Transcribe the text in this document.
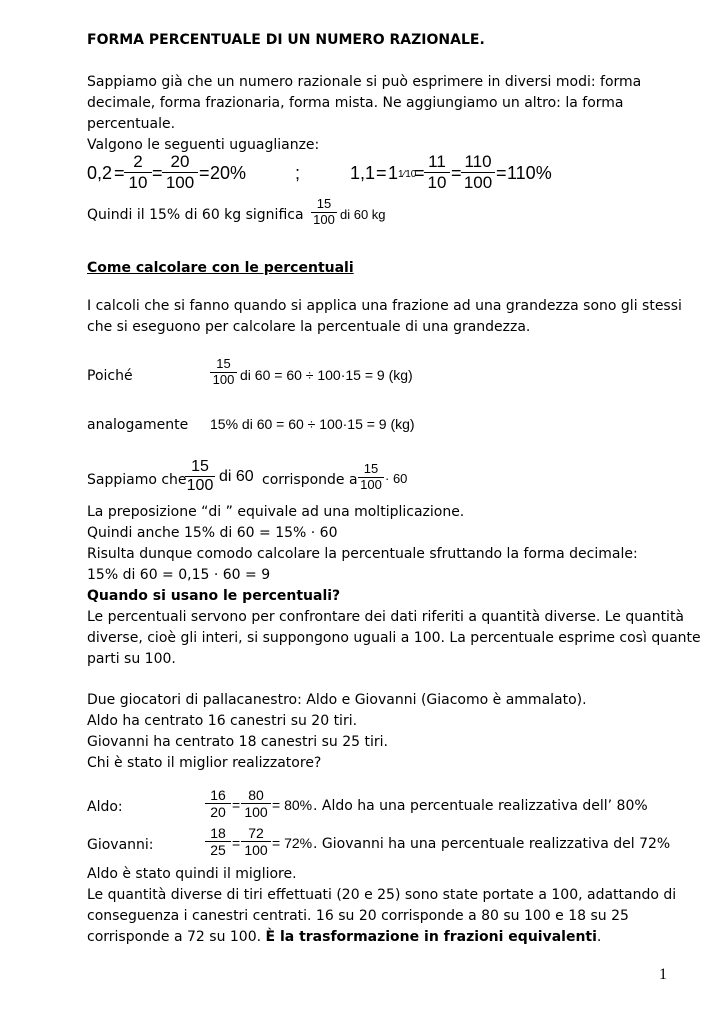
FORMA PERCENTUALE DI UN NUMERO RAZIONALE.
Sappiamo già che un numero razionale si può esprimere in diversi modi: forma
decimale, forma frazionaria, forma mista. Ne aggiungiamo un altro: la forma
percentuale.
Valgono le seguenti uguaglianze:
0,2 =
2
10 =
20
100 = 20%	;	1,1 = 1 1⁄10
=
11
10 =
110
100 = 110%
Quindi il 15% di 60 kg significa
15
100 di 60 kg
Come calcolare con le percentuali
I calcoli che si fanno quando si applica una frazione ad una grandezza sono gli stessi
che si eseguono per calcolare la percentuale di una grandezza.
Poiché
15
100 di 60 = 60 ÷ 100·15 = 9 (kg)
analogamente 15% di 60 = 60 ÷ 100·15 = 9 (kg)
Sappiamo che
15
100
di 60 corrisponde a
15
100 · 60
La preposizione “di ” equivale ad una moltiplicazione.
Quindi anche 15% di 60 = 15% · 60
Risulta dunque comodo calcolare la percentuale sfruttando la forma decimale:
15% di 60 = 0,15 · 60 = 9
Quando si usano le percentuali?
Le percentuali servono per confrontare dei dati riferiti a quantità diverse. Le quantità
diverse, cioè gli interi, si suppongono uguali a 100. La percentuale esprime così quante
parti su 100.
Due giocatori di pallacanestro: Aldo e Giovanni (Giacomo è ammalato).
Aldo ha centrato 16 canestri su 20 tiri.
Giovanni ha centrato 18 canestri su 25 tiri.
Chi è stato il miglior realizzatore?
Aldo:
16
20 =
80
100 = 80% . Aldo ha una percentuale realizzativa dell’ 80%
Giovanni:
18
25 =
72
100 = 72% . Giovanni ha una percentuale realizzativa del 72%
Aldo è stato quindi il migliore.
Le quantità diverse di tiri effettuati (20 e 25) sono state portate a 100, adattando di
conseguenza i canestri centrati. 16 su 20 corrisponde a 80 su 100 e 18 su 25
corrisponde a 72 su 100. È la trasformazione in frazioni equivalenti.
1
